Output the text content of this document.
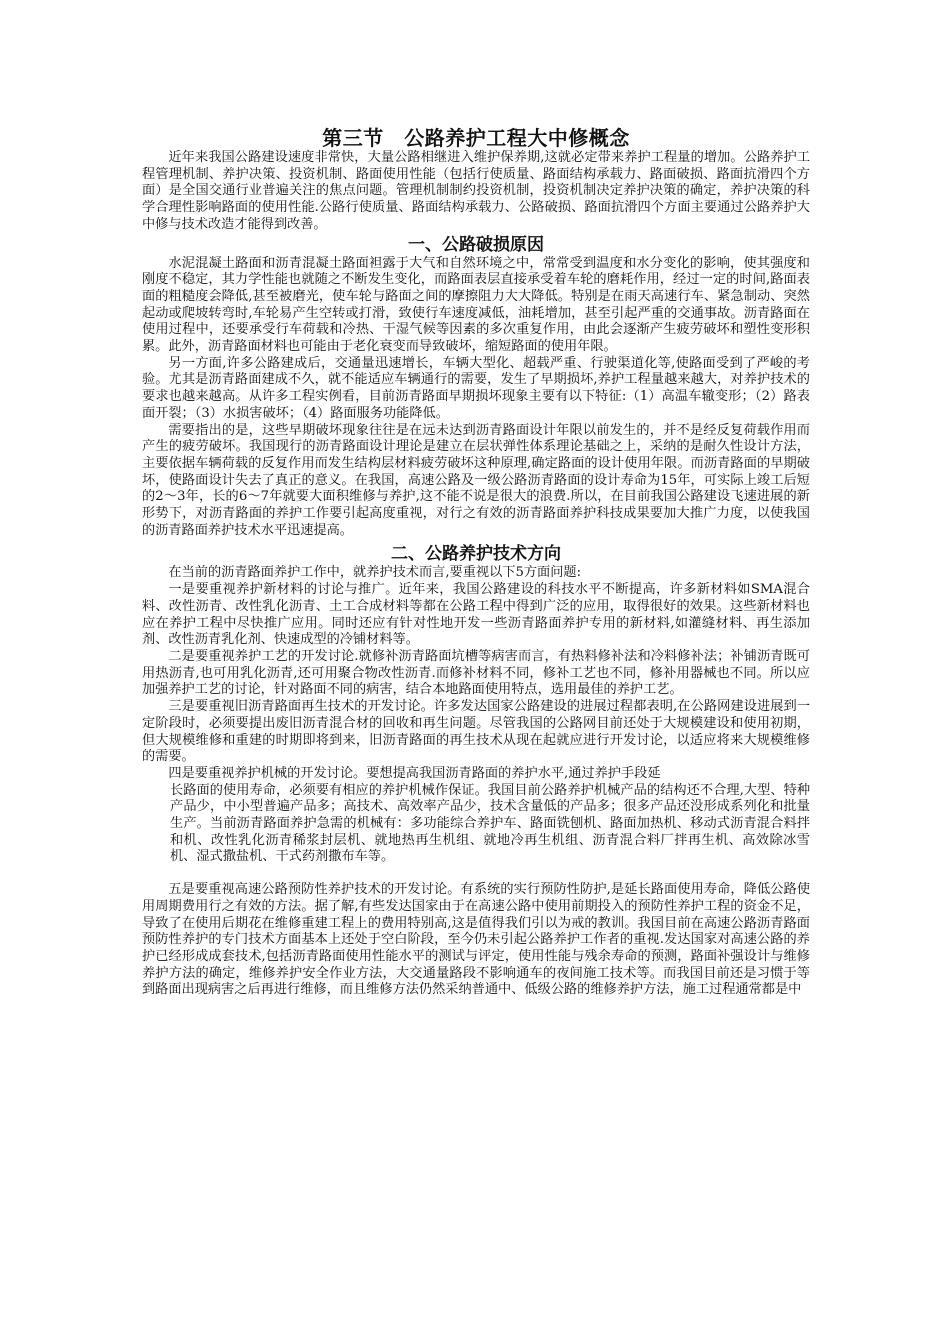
第三节　公路养护工程大中修概念

近年来我国公路建设速度非常快，大量公路相继进入维护保养期,这就必定带来养护工程量的增加。公路养护工程管理机制、养护决策、投资机制、路面使用性能（包括行使质量、路面结构承载力、路面破损、路面抗滑四个方面）是全国交通行业普遍关注的焦点问题。管理机制制约投资机制，投资机制决定养护决策的确定，养护决策的科学合理性影响路面的使用性能.公路行使质量、路面结构承载力、公路破损、路面抗滑四个方面主要通过公路养护大中修与技术改造才能得到改善。

一、公路破损原因

水泥混凝土路面和沥青混凝土路面袒露于大气和自然环境之中，常常受到温度和水分变化的影响，使其强度和刚度不稳定，其力学性能也就随之不断发生变化，而路面表层直接承受着车轮的磨耗作用，经过一定的时间,路面表面的粗糙度会降低,甚至被磨光，使车轮与路面之间的摩擦阻力大大降低。特别是在雨天高速行车、紧急制动、突然起动或爬坡转弯时,车轮易产生空转或打滑，致使行车速度减低，油耗增加，甚至引起严重的交通事故。沥青路面在使用过程中，还要承受行车荷载和冷热、干湿气候等因素的多次重复作用，由此会逐渐产生疲劳破坏和塑性变形积累。此外，沥青路面材料也可能由于老化衰变而导致破坏，缩短路面的使用年限。

另一方面,许多公路建成后，交通量迅速增长，车辆大型化、超载严重、行驶渠道化等,使路面受到了严峻的考验。尤其是沥青路面建成不久，就不能适应车辆通行的需要，发生了早期损坏,养护工程量越来越大，对养护技术的要求也越来越高。从许多工程实例看，目前沥青路面早期损坏现象主要有以下特征:（1）高温车辙变形；（2）路表面开裂；（3）水损害破坏；（4）路面服务功能降低。

需要指出的是，这些早期破坏现象往往是在远未达到沥青路面设计年限以前发生的，并不是经反复荷载作用而产生的疲劳破坏。我国现行的沥青路面设计理论是建立在层状弹性体系理论基础之上，采纳的是耐久性设计方法，主要依据车辆荷载的反复作用而发生结构层材料疲劳破坏这种原理,确定路面的设计使用年限。而沥青路面的早期破坏，使路面设计失去了真正的意义。在我国，高速公路及一级公路沥青路面的设计寿命为15年，可实际上竣工后短的2～3年，长的6～7年就要大面积维修与养护,这不能不说是很大的浪费.所以，在目前我国公路建设飞速进展的新形势下，对沥青路面的养护工作要引起高度重视，对行之有效的沥青路面养护科技成果要加大推广力度，以使我国的沥青路面养护技术水平迅速提高。

二、公路养护技术方向

在当前的沥青路面养护工作中，就养护技术而言,要重视以下5方面问题:

一是要重视养护新材料的讨论与推广。近年来，我国公路建设的科技水平不断提高，许多新材料如SMA混合料、改性沥青、改性乳化沥青、土工合成材料等都在公路工程中得到广泛的应用，取得很好的效果。这些新材料也应在养护工程中尽快推广应用。同时还应有针对性地开发一些沥青路面养护专用的新材料,如灌缝材料、再生添加剂、改性沥青乳化剂、快速成型的冷铺材料等。

二是要重视养护工艺的开发讨论.就修补沥青路面坑槽等病害而言，有热料修补法和冷料修补法；补铺沥青既可用热沥青,也可用乳化沥青,还可用聚合物改性沥青.而修补材料不同，修补工艺也不同，修补用器械也不同。所以应加强养护工艺的讨论，针对路面不同的病害，结合本地路面使用特点，选用最佳的养护工艺。

三是要重视旧沥青路面再生技术的开发讨论。许多发达国家公路建设的进展过程都表明,在公路网建设进展到一定阶段时，必须要提出废旧沥青混合材的回收和再生问题。尽管我国的公路网目前还处于大规模建设和使用初期，但大规模维修和重建的时期即将到来，旧沥青路面的再生技术从现在起就应进行开发讨论，以适应将来大规模维修的需要。

四是要重视养护机械的开发讨论。要想提高我国沥青路面的养护水平,通过养护手段延

长路面的使用寿命，必须要有相应的养护机械作保证。我国目前公路养护机械产品的结构还不合理,大型、特种产品少，中小型普遍产品多；高技术、高效率产品少，技术含量低的产品多；很多产品还没形成系列化和批量生产。当前沥青路面养护急需的机械有：多功能综合养护车、路面铣刨机、路面加热机、移动式沥青混合料拌和机、改性乳化沥青稀浆封层机、就地热再生机组、就地冷再生机组、沥青混合料厂拌再生机、高效除冰雪机、湿式撒盐机、干式药剂撒布车等。

五是要重视高速公路预防性养护技术的开发讨论。有系统的实行预防性防护,是延长路面使用寿命，降低公路使用周期费用行之有效的方法。据了解,有些发达国家由于在高速公路中使用前期投入的预防性养护工程的资金不足，导致了在使用后期花在维修重建工程上的费用特别高,这是值得我们引以为戒的教训。我国目前在高速公路沥青路面预防性养护的专门技术方面基本上还处于空白阶段，至今仍未引起公路养护工作者的重视.发达国家对高速公路的养护已经形成成套技术,包括沥青路面使用性能水平的测试与评定，使用性能与残余寿命的预测，路面补强设计与维修养护方法的确定，维修养护安全作业方法，大交通量路段不影响通车的夜间施工技术等。而我国目前还是习惯于等到路面出现病害之后再进行维修，而且维修方法仍然采纳普通中、低级公路的维修养护方法，施工过程通常都是中
